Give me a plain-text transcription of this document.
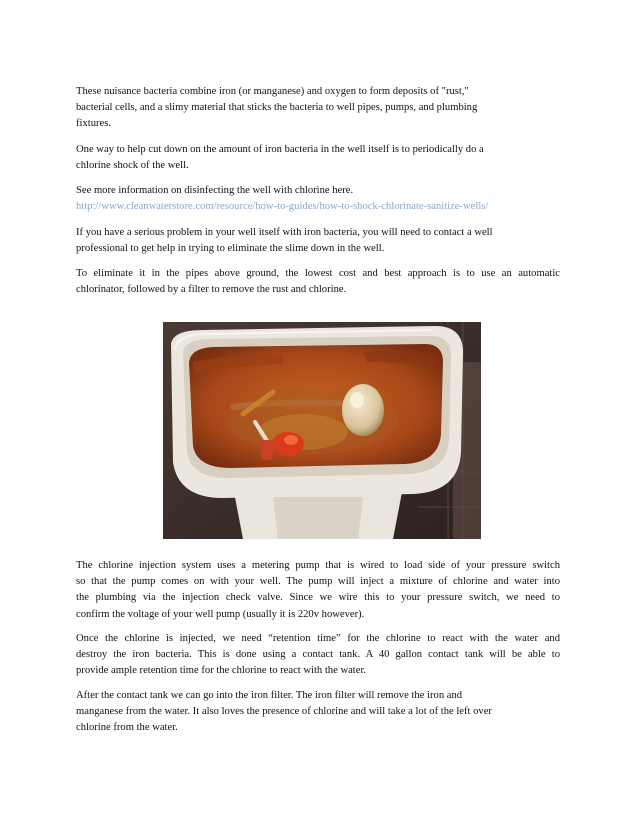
These nuisance bacteria combine iron (or manganese) and oxygen to form deposits of "rust,"
bacterial cells, and a slimy material that sticks the bacteria to well pipes, pumps, and plumbing
fixtures.
One way to help cut down on the amount of iron bacteria in the well itself is to periodically do a
chlorine shock of the well.
See more information on disinfecting the well with chlorine here.
http://www.cleanwaterstore.com/resource/how-to-guides/how-to-shock-chlorinate-sanitize-wells/
If you have a serious problem in your well itself with iron bacteria, you will need to contact a well
professional to get help in trying to eliminate the slime down in the well.
To eliminate it in the pipes above ground, the lowest cost and best approach is to use an automatic
chlorinator, followed by a filter to remove the rust and chlorine.
The chlorine injection system uses a metering pump that is wired to load side of your pressure switch
so that the pump comes on with your well. The pump will inject a mixture of chlorine and water into
the plumbing via the injection check valve. Since we wire this to your pressure switch, we need to
confirm the voltage of your well pump (usually it is 220v however).
Once the chlorine is injected, we need “retention time” for the chlorine to react with the water and
destroy the iron bacteria. This is done using a contact tank. A 40 gallon contact tank will be able to
provide ample retention time for the chlorine to react with the water.
After the contact tank we can go into the iron filter. The iron filter will remove the iron and
manganese from the water. It also loves the presence of chlorine and will take a lot of the left over
chlorine from the water.
